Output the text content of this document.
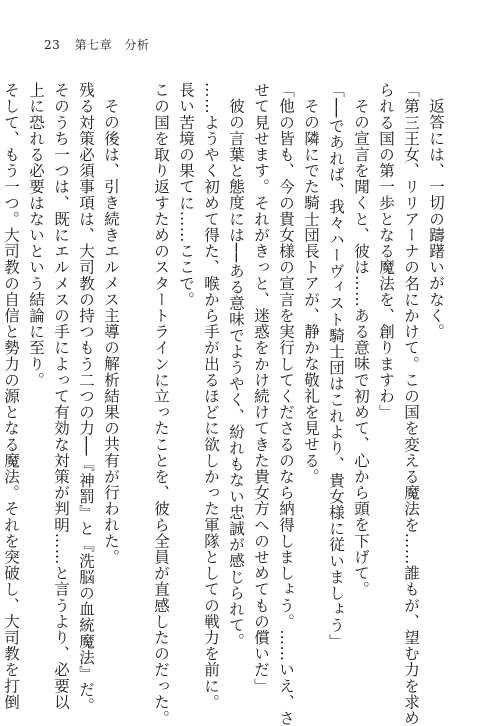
23 第七章 分析

返答には、一切の躊躇いがなく。

「第三王女、リリアーナの名にかけて。この国を変える魔法を……誰もが、望む力を求め

られる国の第一歩となる魔法を、創りますわ」

その宣言を聞くと、彼は……ある意味で初めて、心から頭を下げて。

「──であれば、我々ハーヴィスト騎士団はこれより、貴女様に従いましょう」

その隣にでた騎士団長トアが、静かな敬礼を見せる。

「他の皆も、今の貴女様の宣言を実行してくださるのなら納得しましょう。……いえ、さ

せて見せます。それがきっと、迷惑をかけ続けてきた貴女方へのせめてもの償いだ」

彼の言葉と態度には──ある意味でようやく、紛れもない忠誠が感じられて。

……ようやく初めて得た、喉から手が出るほどに欲しかった軍隊としての戦力を前に。

長い苦境の果てに……ここで。

この国を取り返すためのスタートラインに立ったことを、彼ら全員が直感したのだった。

その後は、引き続きエルメス主導の解析結果の共有が行われた。

残る対策必須事項は、大司教の持つもう二つの力──『神罰』と『洗脳の血統魔法』だ。

そのうち一つは、既にエルメスの手によって有効な対策が判明……と言うより、必要以

上に恐れる必要はないという結論に至り。

そして、もう一つ。大司教の自信と勢力の源となる魔法。それを突破し、大司教を打倒
